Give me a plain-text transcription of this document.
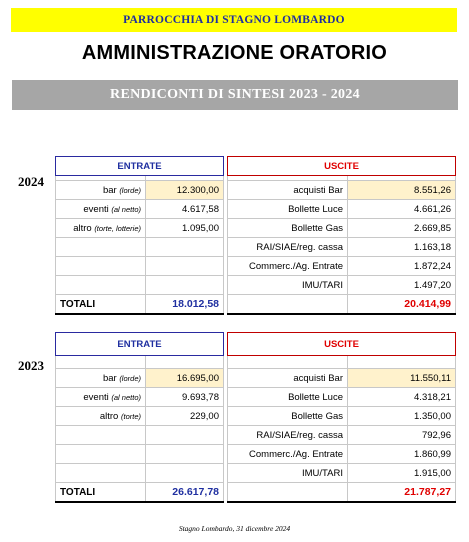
PARROCCHIA DI STAGNO LOMBARDO
AMMINISTRAZIONE ORATORIO
RENDICONTI DI SINTESI 2023 - 2024
2024
ENTRATE			USCITE	

bar (lorde)	12.300,00		acquisti Bar	8.551,26
eventi (al netto)	4.617,58		Bollette Luce	4.661,26
altro (torte, lotterie)	1.095,00		Bollette Gas	2.669,85
			RAI/SIAE/reg. cassa	1.163,18
			Commerc./Ag. Entrate	1.872,24
			IMU/TARI	1.497,20
TOTALI	18.012,58			20.414,99
2023
ENTRATE			USCITE	

bar (lorde)	16.695,00		acquisti Bar	11.550,11
eventi (al netto)	9.693,78		Bollette Luce	4.318,21
altro (torte)	229,00		Bollette Gas	1.350,00
			RAI/SIAE/reg. cassa	792,96
			Commerc./Ag. Entrate	1.860,99
			IMU/TARI	1.915,00
TOTALI	26.617,78			21.787,27
Stagno Lombardo, 31 dicembre 2024
